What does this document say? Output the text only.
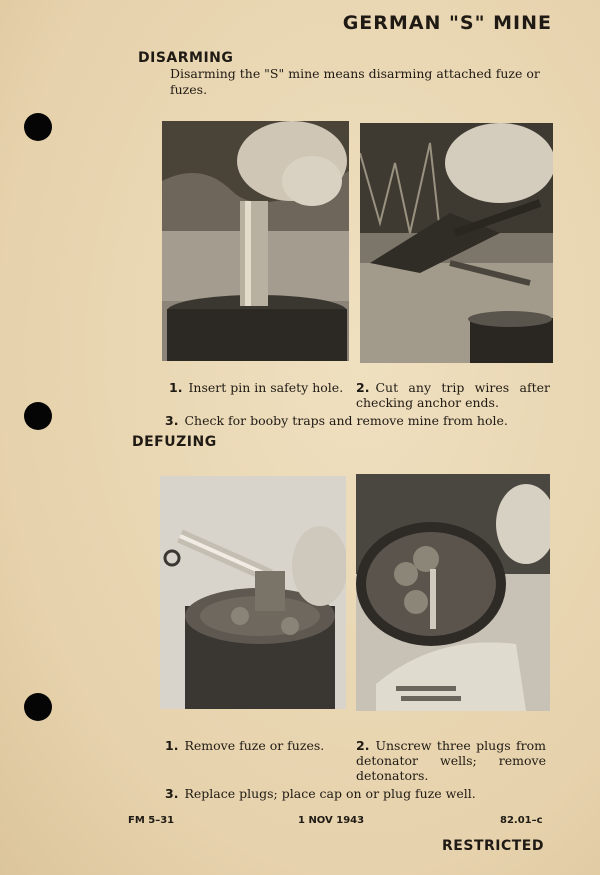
GERMAN "S" MINE
DISARMING
Disarming the "S" mine means disarming attached fuze or fuzes.
1. Insert pin in safety hole.	2. Cut any trip wires after checking anchor ends.
3. Check for booby traps and remove mine from hole.
DEFUZING
1. Remove fuze or fuzes.	2. Unscrew three plugs from detonator wells; remove detonators.
3. Replace plugs; place cap on or plug fuze well.
FM 5–31	1 NOV 1943	82.01–c
RESTRICTED
